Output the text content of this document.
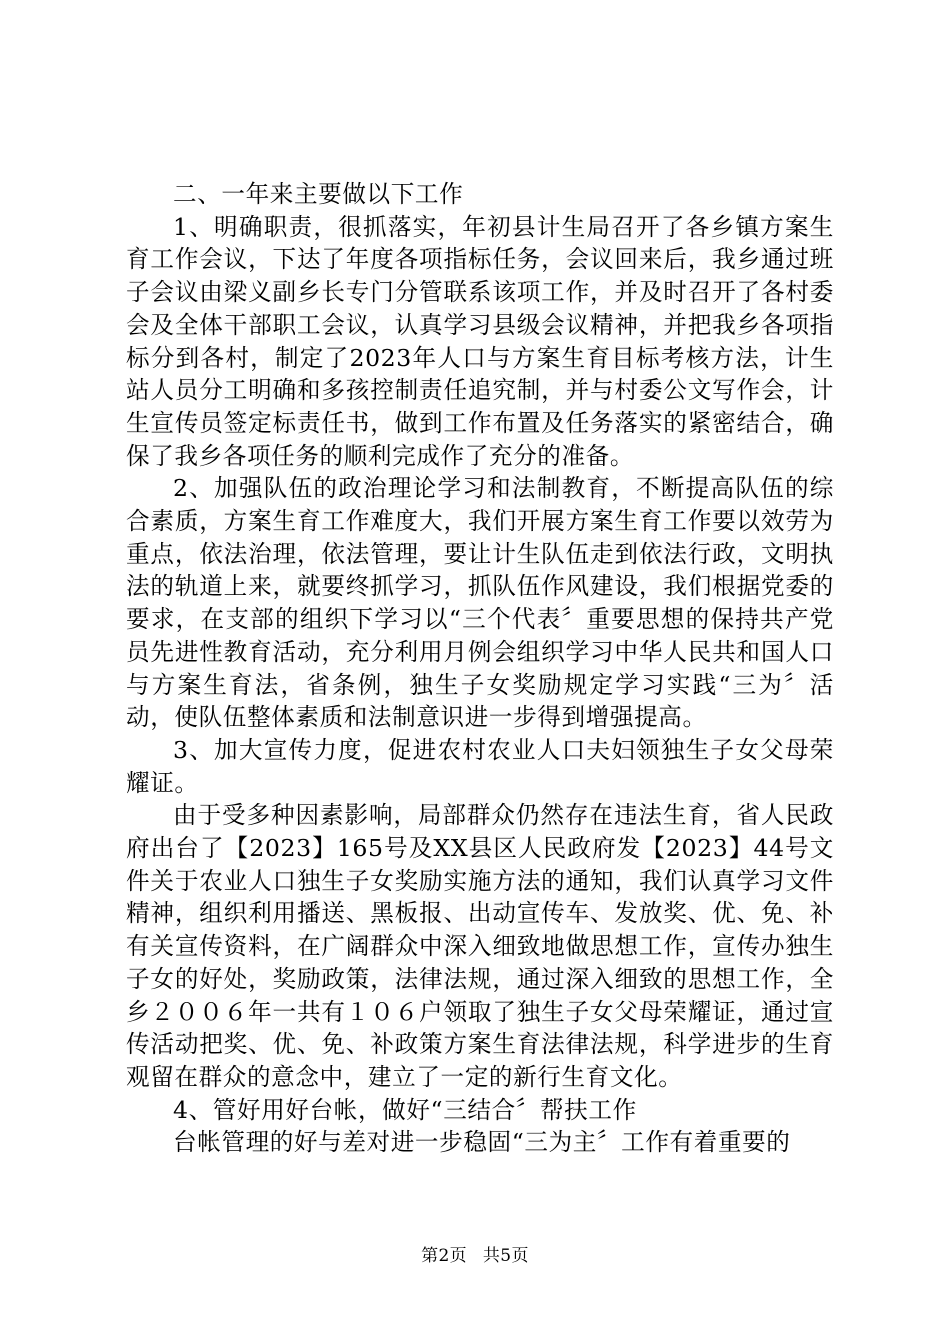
二、一年来主要做以下工作

1、明确职责，很抓落实，年初县计生局召开了各乡镇方案生育工作会议，下达了年度各项指标任务，会议回来后，我乡通过班子会议由梁义副乡长专门分管联系该项工作，并及时召开了各村委会及全体干部职工会议，认真学习县级会议精神，并把我乡各项指标分到各村，制定了2023年人口与方案生育目标考核方法，计生站人员分工明确和多孩控制责任追究制，并与村委公文写作会，计生宣传员签定标责任书，做到工作布置及任务落实的紧密结合，确保了我乡各项任务的顺利完成作了充分的准备。

2、加强队伍的政治理论学习和法制教育，不断提高队伍的综合素质，方案生育工作难度大，我们开展方案生育工作要以效劳为重点，依法治理，依法管理，要让计生队伍走到依法行政，文明执法的轨道上来，就要终抓学习，抓队伍作风建设，我们根据党委的要求，在支部的组织下学习以“三个代表〞重要思想的保持共产党员先进性教育活动，充分利用月例会组织学习中华人民共和国人口与方案生育法，省条例，独生子女奖励规定学习实践“三为〞活动，使队伍整体素质和法制意识进一步得到增强提高。

3、加大宣传力度，促进农村农业人口夫妇领独生子女父母荣耀证。

由于受多种因素影响，局部群众仍然存在违法生育，省人民政府出台了【2023】165号及XX县区人民政府发【2023】44号文件关于农业人口独生子女奖励实施方法的通知，我们认真学习文件精神，组织利用播送、黑板报、出动宣传车、发放奖、优、免、补有关宣传资料，在广阔群众中深入细致地做思想工作，宣传办独生子女的好处，奖励政策，法律法规，通过深入细致的思想工作，全乡２００６年一共有１０６户领取了独生子女父母荣耀证，通过宣传活动把奖、优、免、补政策方案生育法律法规，科学进步的生育观留在群众的意念中，建立了一定的新行生育文化。

4、管好用好台帐，做好“三结合〞帮扶工作

台帐管理的好与差对进一步稳固“三为主〞工作有着重要的

第2页 共5页
